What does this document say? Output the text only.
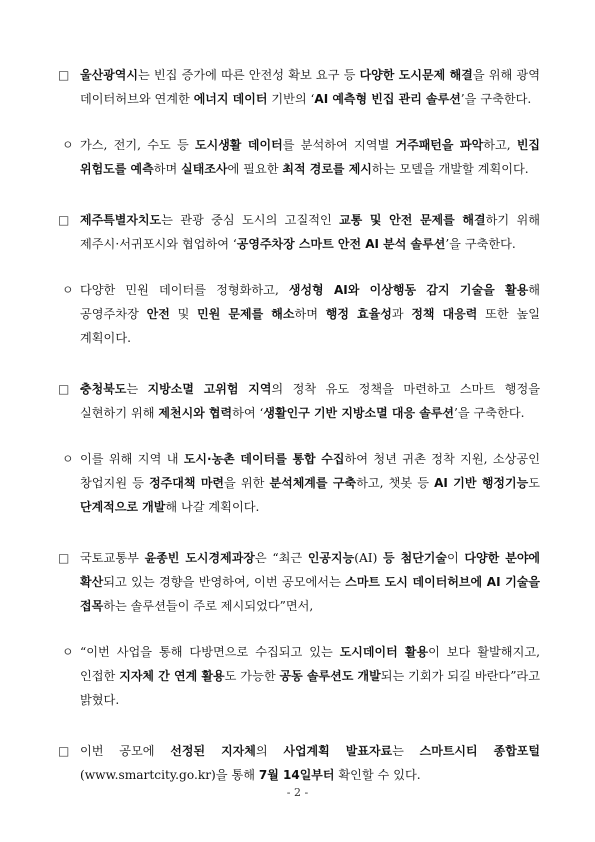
□ 울산광역시는 빈집 증가에 따른 안전성 확보 요구 등 다양한 도시문제 해결을 위해 광역 데이터허브와 연계한 에너지 데이터 기반의 ‘AI 예측형 빈집 관리 솔루션’을 구축한다.
ㅇ 가스, 전기, 수도 등 도시생활 데이터를 분석하여 지역별 거주패턴을 파악하고, 빈집 위험도를 예측하며 실태조사에 필요한 최적 경로를 제시하는 모델을 개발할 계획이다.
□ 제주특별자치도는 관광 중심 도시의 고질적인 교통 및 안전 문제를 해결하기 위해 제주시·서귀포시와 협업하여 ‘공영주차장 스마트 안전 AI 분석 솔루션’을 구축한다.
ㅇ 다양한 민원 데이터를 정형화하고, 생성형 AI와 이상행동 감지 기술을 활용해 공영주차장 안전 및 민원 문제를 해소하며 행정 효율성과 정책 대응력 또한 높일 계획이다.
□ 충청북도는 지방소멸 고위험 지역의 정착 유도 정책을 마련하고 스마트 행정을 실현하기 위해 제천시와 협력하여 ‘생활인구 기반 지방소멸 대응 솔루션’을 구축한다.
ㅇ 이를 위해 지역 내 도시·농촌 데이터를 통합 수집하여 청년 귀촌 정착 지원, 소상공인 창업지원 등 정주대책 마련을 위한 분석체계를 구축하고, 챗봇 등 AI 기반 행정기능도 단계적으로 개발해 나갈 계획이다.
□ 국토교통부 윤종빈 도시경제과장은 “최근 인공지능(AI) 등 첨단기술이 다양한 분야에 확산되고 있는 경향을 반영하여, 이번 공모에서는 스마트 도시 데이터허브에 AI 기술을 접목하는 솔루션들이 주로 제시되었다”면서,
ㅇ “이번 사업을 통해 다방면으로 수집되고 있는 도시데이터 활용이 보다 활발해지고, 인접한 지자체 간 연계 활용도 가능한 공동 솔루션도 개발되는 기회가 되길 바란다”라고 밝혔다.
□ 이번 공모에 선정된 지자체의 사업계획 발표자료는 스마트시티 종합포털(www.smartcity.go.kr)을 통해 7월 14일부터 확인할 수 있다.
- 2 -
